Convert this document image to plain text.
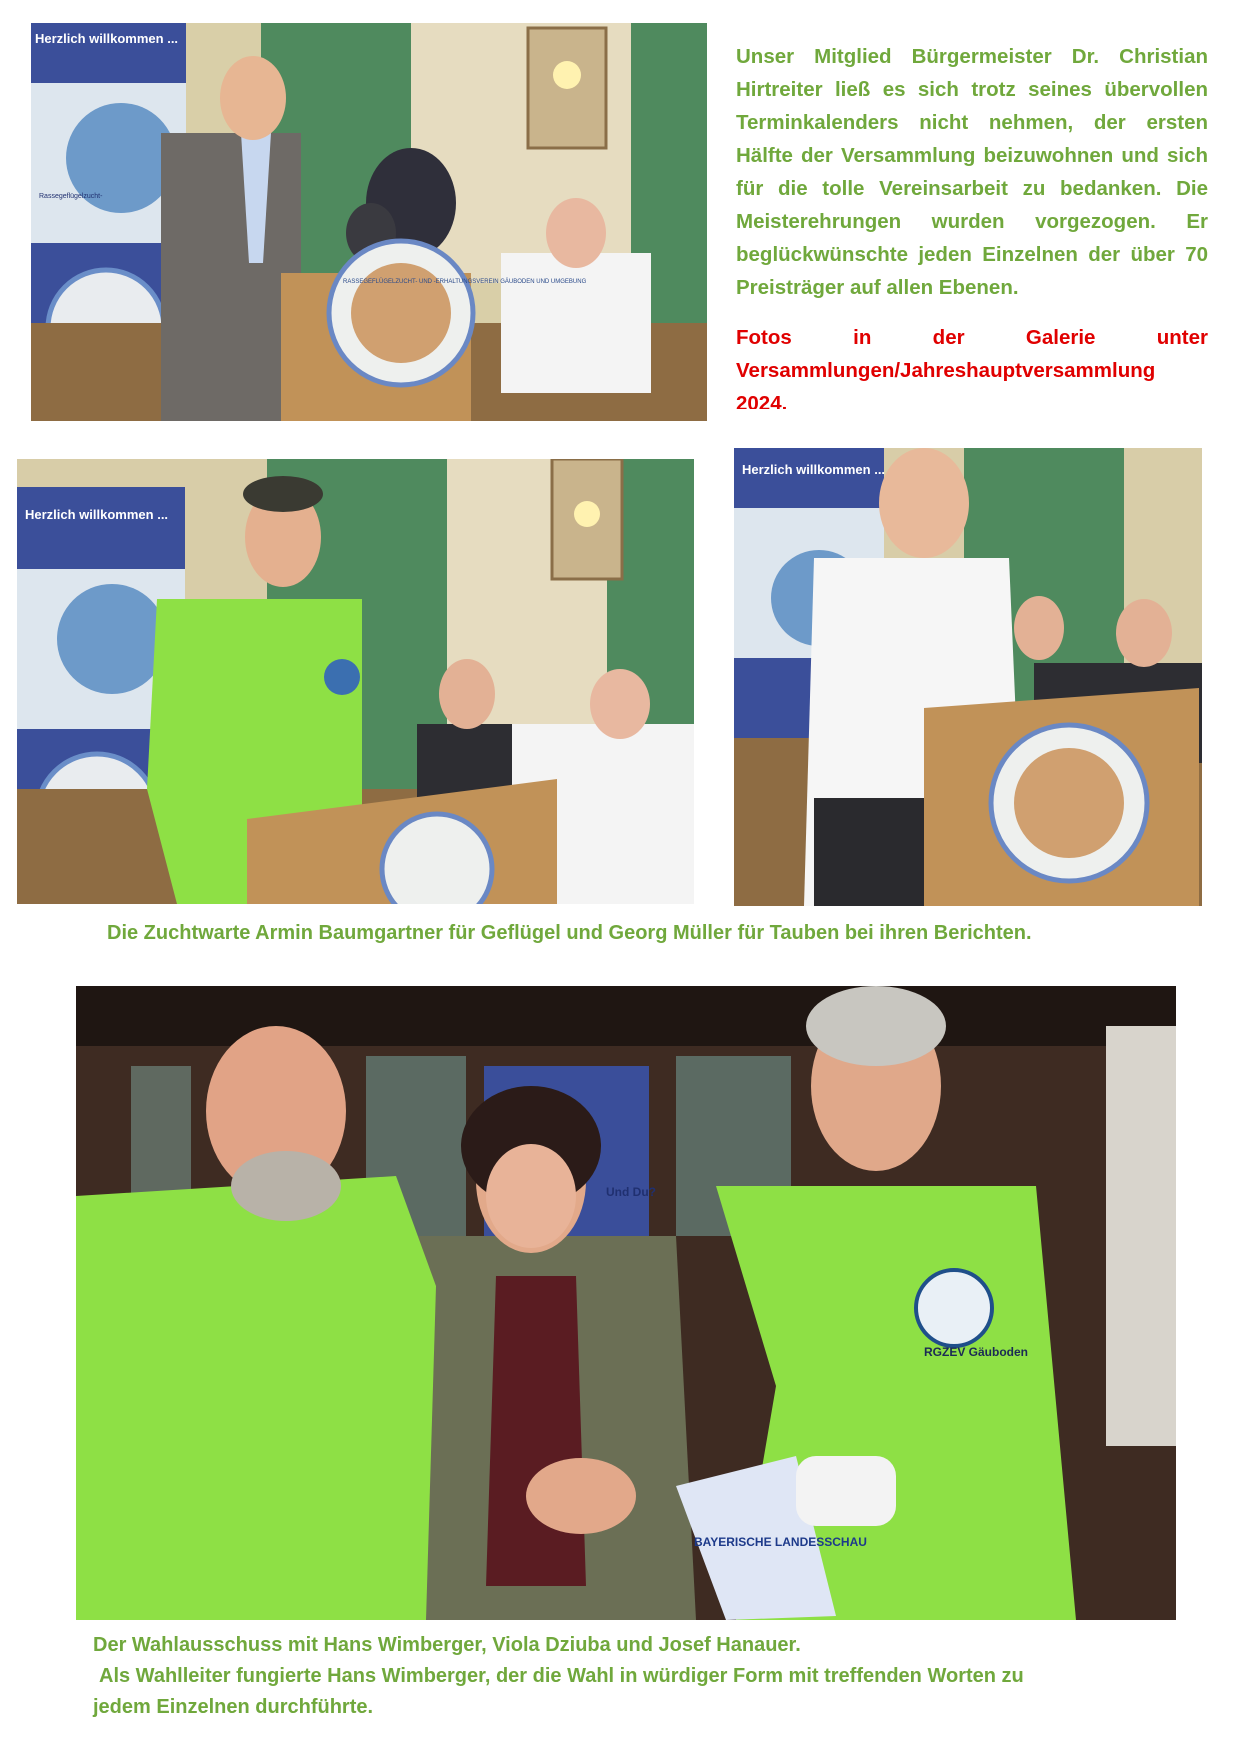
Herzlich willkommen ...
Rassegeflügelzucht-
RASSEGEFLÜGELZUCHT- UND -ERHALTUNGSVEREIN GÄUBODEN UND UMGEBUNG
Unser Mitglied Bürgermeister Dr. Christian Hirtreiter ließ es sich trotz seines übervollen Terminkalenders nicht nehmen, der ersten Hälfte der Versammlung beizuwohnen und sich für die tolle Vereinsarbeit zu bedanken. Die Meisterehrungen wurden vorgezogen. Er beglückwünschte jeden Einzelnen der über 70 Preisträger auf allen Ebenen.
Fotos in der Galerie unter
Versammlungen/Jahreshauptversammlung
2024.
Herzlich willkommen ...
Herzlich willkommen ...
Die Zuchtwarte Armin Baumgartner für Geflügel und Georg Müller für Tauben bei ihren Berichten.
Und Du?
RGZEV Gäuboden
BAYERISCHE LANDESSCHAU
Der Wahlausschuss mit Hans Wimberger, Viola Dziuba und Josef Hanauer.
Als Wahlleiter fungierte Hans Wimberger, der die Wahl in würdiger Form mit treffenden Worten zu
jedem Einzelnen durchführte.
